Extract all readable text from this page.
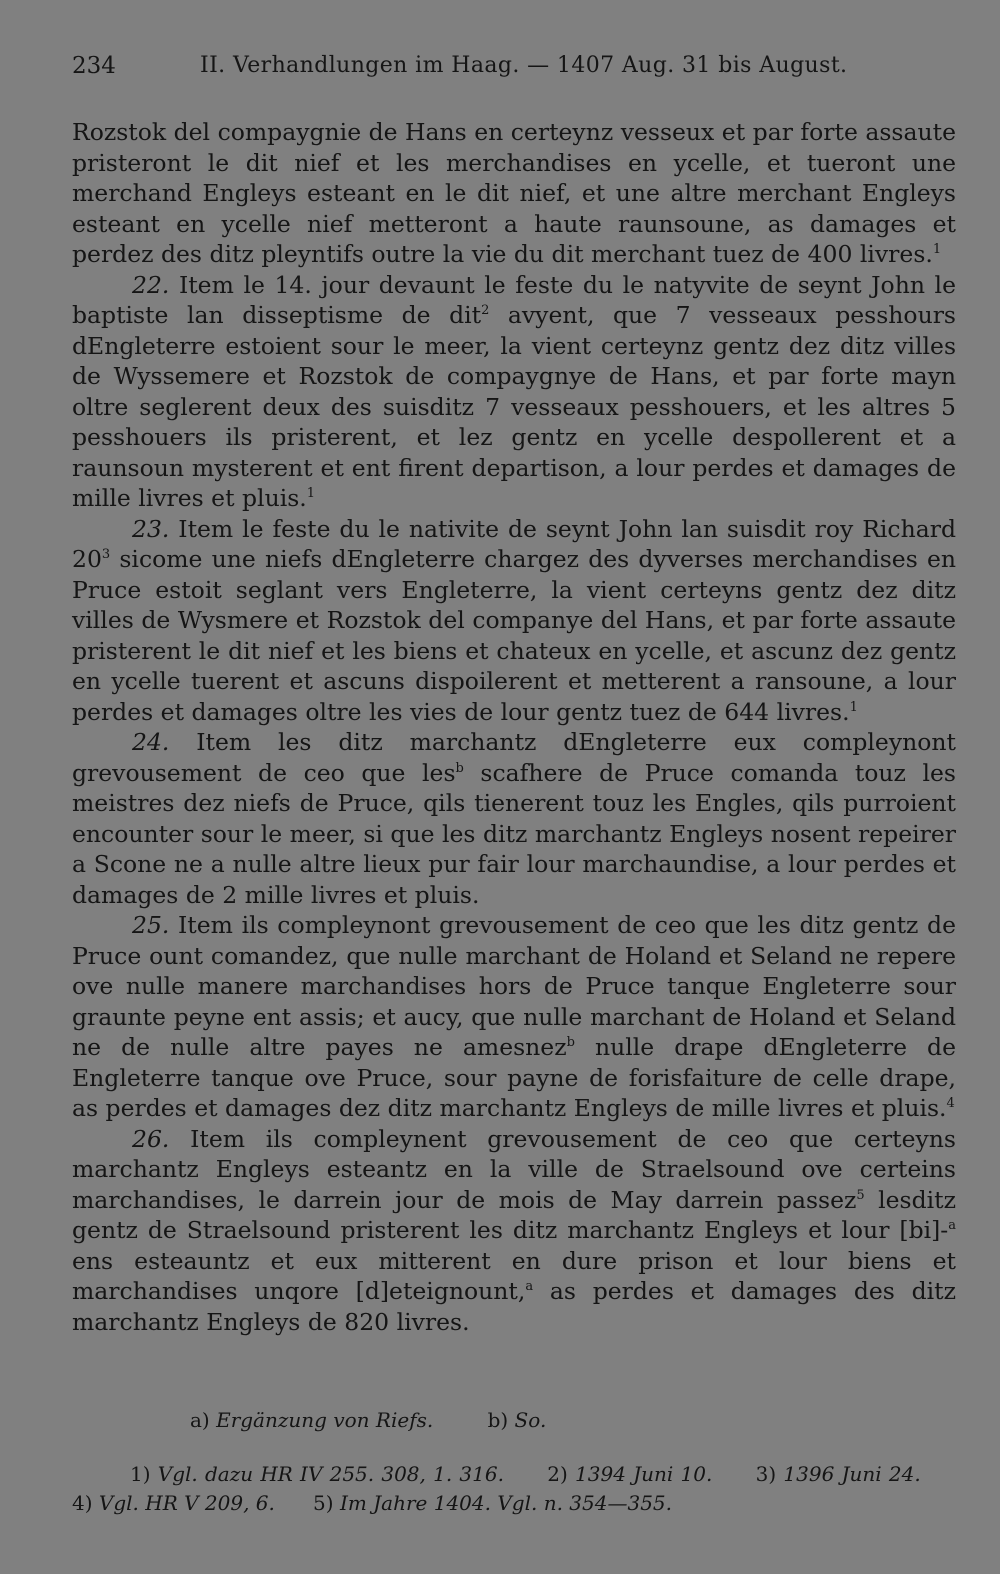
234	II. Verhandlungen im Haag. — 1407 Aug. 31 bis August.

Rozstok del compaygnie de Hans en certeynz vesseux et par forte assaute pristeront le dit nief et les merchandises en ycelle, et tueront une merchand Engleys esteant en le dit nief, et une altre merchant Engleys esteant en ycelle nief metteront a haute raunsoune, as damages et perdez des ditz pleyntifs outre la vie du dit merchant tuez de 400 livres.$^1$

22. Item le 14. jour devaunt le feste du le natyvite de seynt John le baptiste lan disseptisme de dit$^2$ avyent, que 7 vesseaux pesshours dEngleterre estoient sour le meer, la vient certeynz gentz dez ditz villes de Wyssemere et Rozstok de compaygnye de Hans, et par forte mayn oltre seglerent deux des suisditz 7 vesseaux pesshouers, et les altres 5 pesshouers ils pristerent, et lez gentz en ycelle despollerent et a raunsoun mysterent et ent firent departison, a lour perdes et damages de mille livres et pluis.$^1$

23. Item le feste du le nativite de seynt John lan suisdit roy Richard $20^3$ sicome une niefs dEngleterre chargez des dyverses merchandises en Pruce estoit seglant vers Engleterre, la vient certeyns gentz dez ditz villes de Wysmere et Rozstok del companye del Hans, et par forte assaute pristerent le dit nief et les biens et chateux en ycelle, et ascunz dez gentz en ycelle tuerent et ascuns dispoilerent et metterent a ransoune, a lour perdes et damages oltre les vies de lour gentz tuez de 644 livres.$^1$

24. Item les ditz marchantz dEngleterre eux compleynont grevousement de ceo que les$^b$ scafhere de Pruce comanda touz les meistres dez niefs de Pruce, qils tienerent touz les Engles, qils purroient encounter sour le meer, si que les ditz marchantz Engleys nosent repeirer a Scone ne a nulle altre lieux pur fair lour marchaundise, a lour perdes et damages de 2 mille livres et pluis.

25. Item ils compleynont grevousement de ceo que les ditz gentz de Pruce ount comandez, que nulle marchant de Holand et Seland ne repere ove nulle manere marchandises hors de Pruce tanque Engleterre sour graunte peyne ent assis; et aucy, que nulle marchant de Holand et Seland ne de nulle altre payes ne amesnez$^b$ nulle drape dEngleterre de Engleterre tanque ove Pruce, sour payne de forisfaiture de celle drape, as perdes et damages dez ditz marchantz Engleys de mille livres et pluis.$^4$

26. Item ils compleynent grevousement de ceo que certeyns marchantz Engleys esteantz en la ville de Straelsound ove certeins marchandises, le darrein jour de mois de May darrein passez$^5$ lesditz gentz de Straelsound pristerent les ditz marchantz Engleys et lour [bi]-$^a$ ens esteauntz et eux mitterent en dure prison et lour biens et marchandises unqore [d]eteignount,$^a$ as perdes et damages des ditz marchantz Engleys de 820 livres.

a) Ergänzung von Riefs.	b) So.
1) Vgl. dazu HR IV 255. 308, 1. 316. 2) 1394 Juni 10. 3) 1396 Juni 24.      4) Vgl. HR V 209, 6. 5) Im Jahre 1404. Vgl. n. 354—355.
